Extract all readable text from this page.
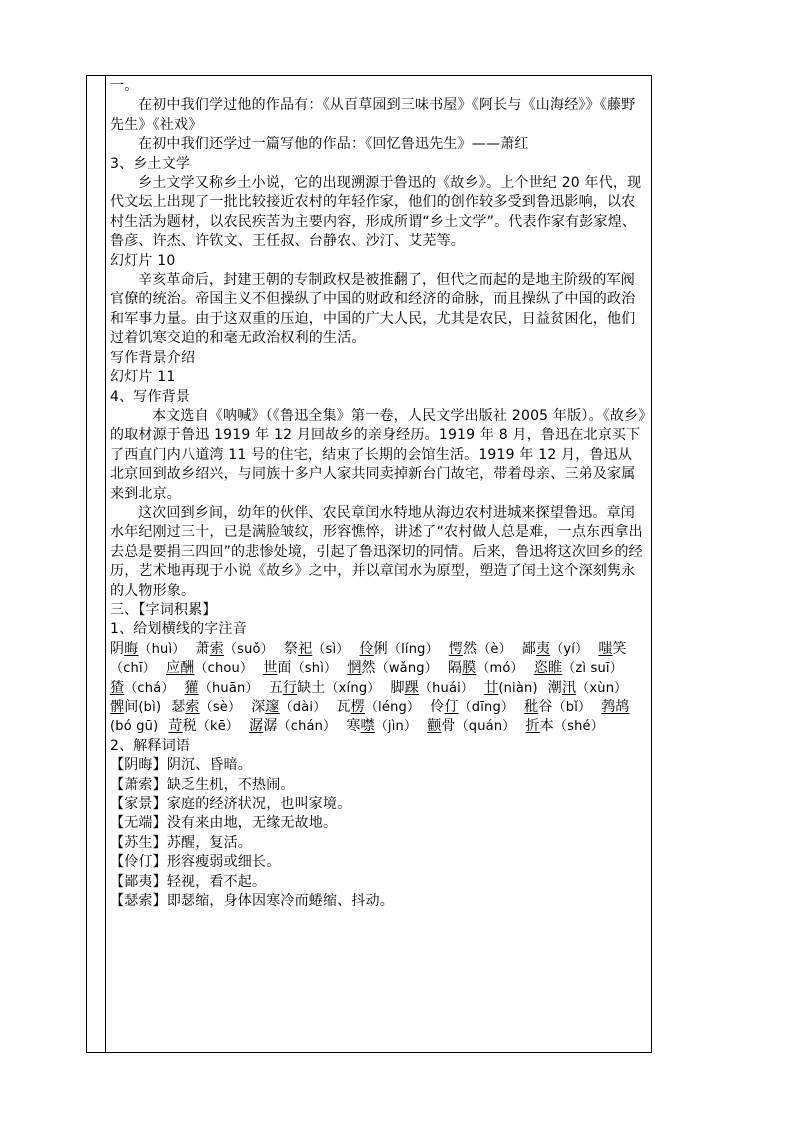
一。

在初中我们学过他的作品有：《从百草园到三味书屋》《阿长与《山海经》》《藤野先生》《社戏》

在初中我们还学过一篇写他的作品：《回忆鲁迅先生》——萧红

3、乡土文学

乡土文学又称乡土小说，它的出现溯源于鲁迅的《故乡》。上个世纪 20 年代，现代文坛上出现了一批比较接近农村的年轻作家，他们的创作较多受到鲁迅影响，以农村生活为题材，以农民疾苦为主要内容，形成所谓“乡土文学”。代表作家有彭家煌、鲁彦、许杰、许钦文、王任叔、台静农、沙汀、艾芜等。

幻灯片 10

辛亥革命后，封建王朝的专制政权是被推翻了，但代之而起的是地主阶级的军阀官僚的统治。帝国主义不但操纵了中国的财政和经济的命脉，而且操纵了中国的政治和军事力量。由于这双重的压迫，中国的广大人民，尤其是农民，日益贫困化，他们过着饥寒交迫的和毫无政治权利的生活。

写作背景介绍

幻灯片 11

4、写作背景

本文选自《呐喊》（《鲁迅全集》第一卷，人民文学出版社 2005 年版）。《故乡》的取材源于鲁迅 1919 年 12 月回故乡的亲身经历。1919 年 8 月，鲁迅在北京买下了西直门内八道湾 11 号的住宅，结束了长期的会馆生活。1919 年 12 月，鲁迅从北京回到故乡绍兴，与同族十多户人家共同卖掉新台门故宅，带着母亲、三弟及家属来到北京。

这次回到乡间，幼年的伙伴、农民章闰水特地从海边农村进城来探望鲁迅。章闰水年纪刚过三十，已是满脸皱纹，形容憔悴，讲述了“农村做人总是难，一点东西拿出去总是要捐三四回”的悲惨处境，引起了鲁迅深切的同情。后来，鲁迅将这次回乡的经历，艺术地再现于小说《故乡》之中，并以章闰水为原型，塑造了闰土这个深刻隽永的人物形象。

三、【字词积累】

1、给划横线的字注音

阴晦（huì） 萧索（suǒ） 祭祀（sì） 伶俐（líng） 愕然（è） 鄙夷（yí） 嗤笑（chī） 应酬（chou） 世面（shì） 惘然（wǎng） 隔膜（mó） 恣睢（zì suī）猹（chá） 獾（huān） 五行缺土（xíng） 脚踝（huái） 廿(niàn) 潮汛（xùn）髀间(bì) 瑟索（sè） 深邃（dài） 瓦楞（léng） 伶仃（dīng） 秕谷（bǐ） 鹁鸪(bó gū) 苛税（kē） 潺潺（chán） 寒噤（jìn） 颧骨（quán） 折本（shé）

2、解释词语

【阴晦】阴沉、昏暗。

【萧索】缺乏生机，不热闹。

【家景】家庭的经济状况，也叫家境。

【无端】没有来由地，无缘无故地。

【苏生】苏醒，复活。

【伶仃】形容瘦弱或细长。

【鄙夷】轻视，看不起。

【瑟索】即瑟缩，身体因寒冷而蜷缩、抖动。
